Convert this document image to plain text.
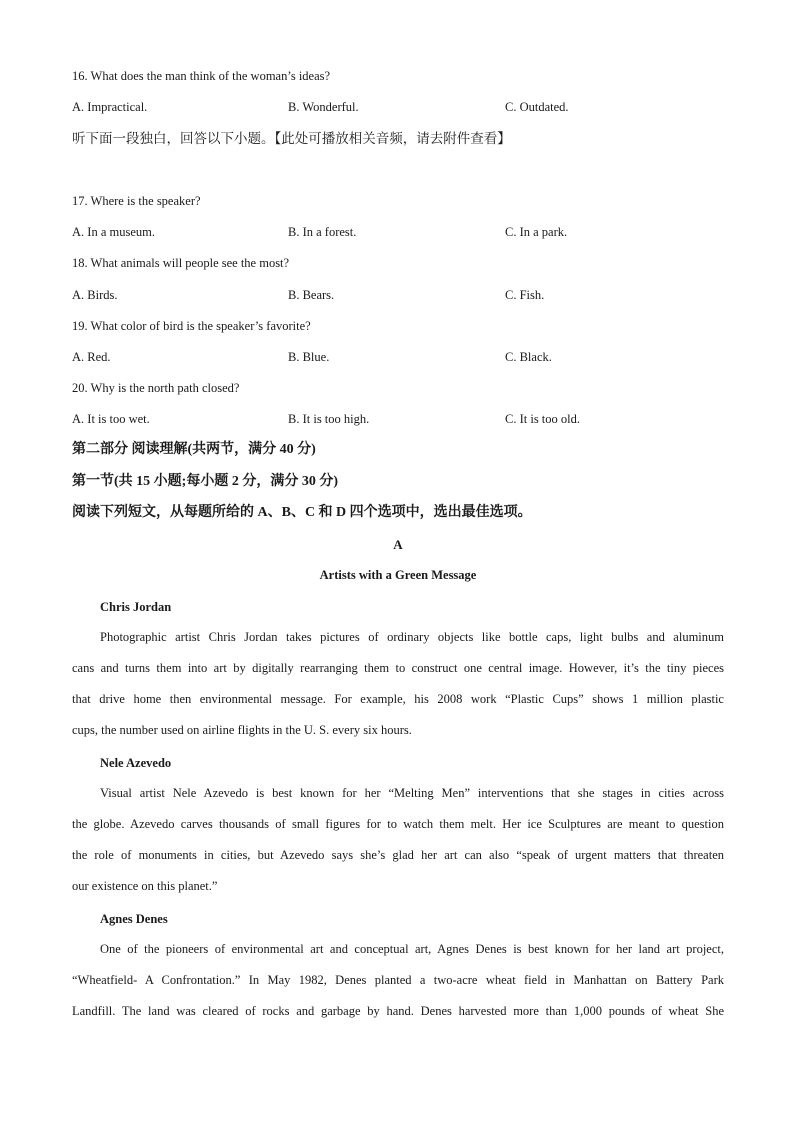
16. What does the man think of the woman’s ideas?
A. Impractical.	B. Wonderful.	C. Outdated.
听下面一段独白，回答以下小题。【此处可播放相关音频，请去附件查看】
17. Where is the speaker?
A. In a museum.	B. In a forest.	C. In a park.
18. What animals will people see the most?
A. Birds.	B. Bears.	C. Fish.
19. What color of bird is the speaker’s favorite?
A. Red.	B. Blue.	C. Black.
20. Why is the north path closed?
A. It is too wet.	B. It is too high.	C. It is too old.
第二部分 阅读理解(共两节，满分 40 分)
第一节(共 15 小题;每小题 2 分，满分 30 分)
阅读下列短文，从每题所给的 A、B、C 和 D 四个选项中，选出最佳选项。
A
Artists with a Green Message
Chris Jordan

Photographic artist Chris Jordan takes pictures of ordinary objects like bottle caps, light bulbs and aluminum

cans and turns them into art by digitally rearranging them to construct one central image. However, it’s the tiny pieces

that drive home then environmental message. For example, his 2008 work “Plastic Cups” shows 1 million plastic

cups, the number used on airline flights in the U. S. every six hours.

Nele Azevedo

Visual artist Nele Azevedo is best known for her “Melting Men” interventions that she stages in cities across

the globe. Azevedo carves thousands of small figures for to watch them melt. Her ice Sculptures are meant to question

the role of monuments in cities, but Azevedo says she’s glad her art can also “speak of urgent matters that threaten

our existence on this planet.”

Agnes Denes

One of the pioneers of environmental art and conceptual art, Agnes Denes is best known for her land art project,

“Wheatfield- A Confrontation.” In May 1982, Denes planted a two-acre wheat field in Manhattan on Battery Park

Landfill. The land was cleared of rocks and garbage by hand. Denes harvested more than 1,000 pounds of wheat She
